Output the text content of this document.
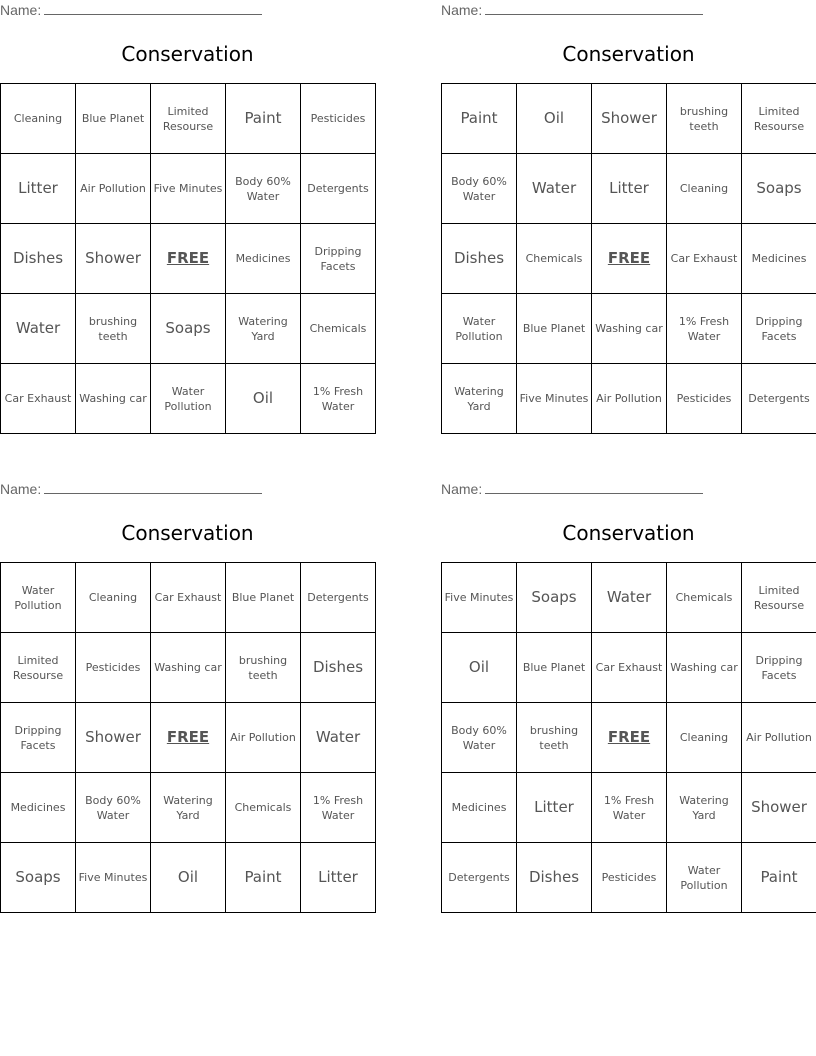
Name:
Conservation
Cleaning	Blue Planet	Limited Resourse	Paint	Pesticides
Litter	Air Pollution	Five Minutes	Body 60% Water	Detergents
Dishes	Shower	FREE	Medicines	Dripping Facets
Water	brushing teeth	Soaps	Watering Yard	Chemicals
Car Exhaust	Washing car	Water Pollution	Oil	1% Fresh Water
Name:
Conservation
Paint	Oil	Shower	brushing teeth	Limited Resourse
Body 60% Water	Water	Litter	Cleaning	Soaps
Dishes	Chemicals	FREE	Car Exhaust	Medicines
Water Pollution	Blue Planet	Washing car	1% Fresh Water	Dripping Facets
Watering Yard	Five Minutes	Air Pollution	Pesticides	Detergents
Name:
Conservation
Water Pollution	Cleaning	Car Exhaust	Blue Planet	Detergents
Limited Resourse	Pesticides	Washing car	brushing teeth	Dishes
Dripping Facets	Shower	FREE	Air Pollution	Water
Medicines	Body 60% Water	Watering Yard	Chemicals	1% Fresh Water
Soaps	Five Minutes	Oil	Paint	Litter
Name:
Conservation
Five Minutes	Soaps	Water	Chemicals	Limited Resourse
Oil	Blue Planet	Car Exhaust	Washing car	Dripping Facets
Body 60% Water	brushing teeth	FREE	Cleaning	Air Pollution
Medicines	Litter	1% Fresh Water	Watering Yard	Shower
Detergents	Dishes	Pesticides	Water Pollution	Paint
